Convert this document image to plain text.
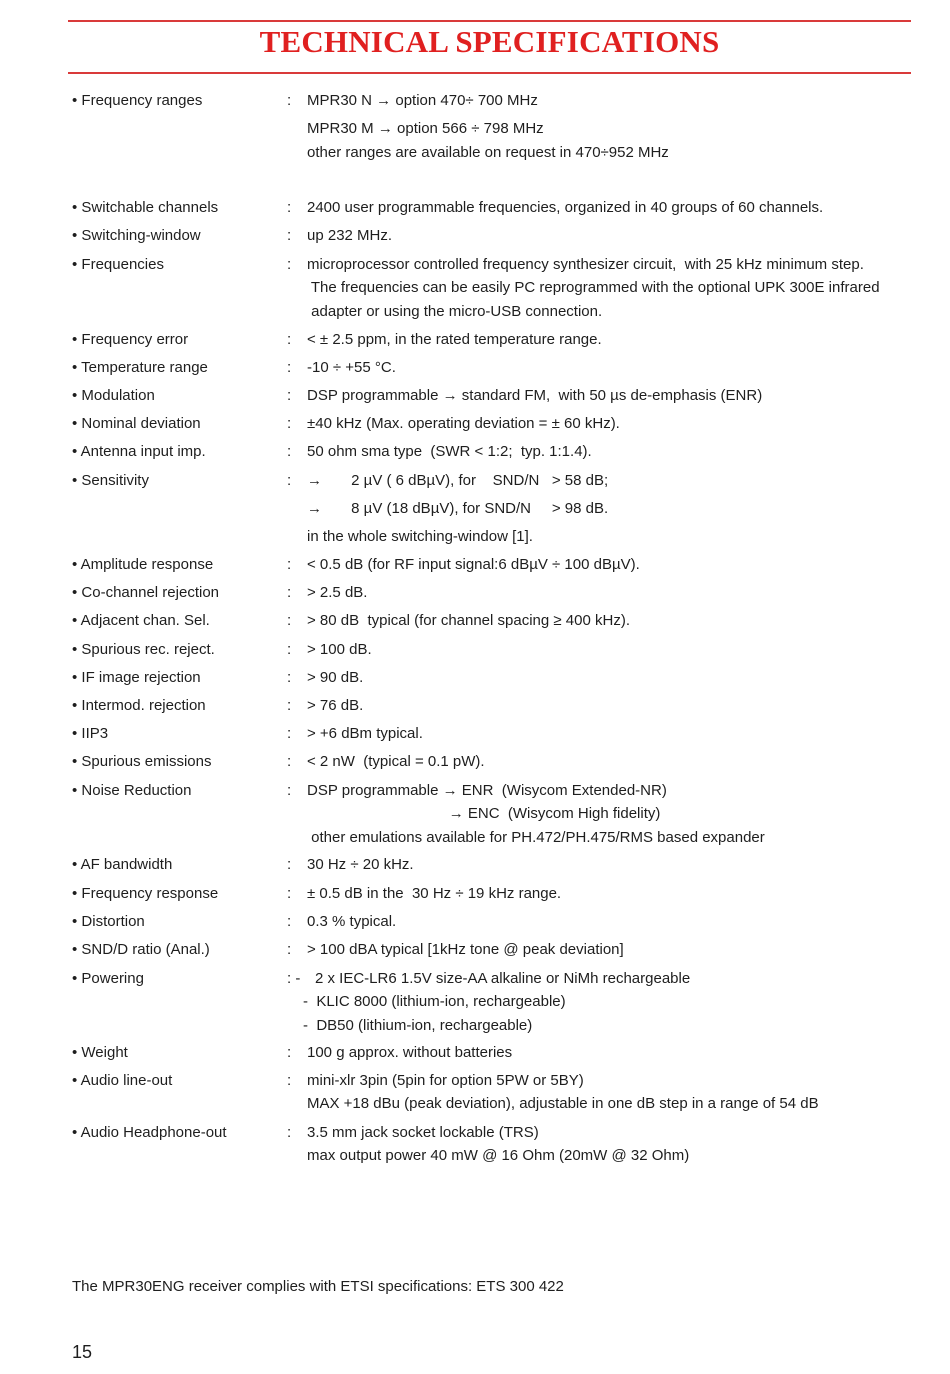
TECHNICAL SPECIFICATIONS
• Frequency ranges	: MPR30 N → option 470÷ 700 MHz
MPR30 M → option 566 ÷ 798 MHz
other ranges are available on request in 470÷952 MHz
• Switchable channels	: 2400 user programmable frequencies, organized in 40 groups of 60 channels.
• Switching-window	: up 232 MHz.
• Frequencies	: microprocessor controlled frequency synthesizer circuit,  with 25 kHz minimum step.
The frequencies can be easily PC reprogrammed with the optional UPK 300E infrared
adapter or using the micro-USB connection.
• Frequency error	: < ± 2.5 ppm, in the rated temperature range.
• Temperature range	: -10 ÷ +55 °C.
• Modulation	: DSP programmable → standard FM,  with 50 µs de-emphasis (ENR)
• Nominal deviation	: ±40 kHz (Max. operating deviation = ± 60 kHz).
• Antenna input imp.	: 50 ohm sma type  (SWR < 1:2;  typ. 1:1.4).
• Sensitivity	: →       2 µV ( 6 dBµV), for    SND/N   > 58 dB;
→       8 µV (18 dBµV), for SND/N     > 98 dB.
in the whole switching-window [1].
• Amplitude response	: < 0.5 dB (for RF input signal:6 dBµV ÷ 100 dBµV).
• Co-channel rejection	: > 2.5 dB.
• Adjacent chan. Sel.	: > 80 dB  typical (for channel spacing ≥ 400 kHz).
• Spurious rec. reject.	: > 100 dB.
• IF image rejection	: > 90 dB.
• Intermod. rejection	: > 76 dB.
• IIP3	: > +6 dBm typical.
• Spurious emissions	: < 2 nW  (typical = 0.1 pW).
• Noise Reduction	: DSP programmable → ENR  (Wisycom Extended-NR)
→ ENC  (Wisycom High fidelity)
other emulations available for PH.472/PH.475/RMS based expander
• AF bandwidth	: 30 Hz ÷ 20 kHz.
• Frequency response	: ± 0.5 dB in the  30 Hz ÷ 19 kHz range.
• Distortion	: 0.3 % typical.
• SND/D ratio (Anal.)	: > 100 dBA typical [1kHz tone @ peak deviation]
• Powering	: - 2 x IEC-LR6 1.5V size-AA alkaline or NiMh rechargeable
-  KLIC 8000 (lithium-ion, rechargeable)
-  DB50 (lithium-ion, rechargeable)
• Weight	: 100 g approx. without batteries
• Audio line-out	: mini-xlr 3pin (5pin for option 5PW or 5BY)
MAX +18 dBu (peak deviation), adjustable in one dB step in a range of 54 dB
• Audio Headphone-out	: 3.5 mm jack socket lockable (TRS)
max output power 40 mW @ 16 Ohm (20mW @ 32 Ohm)
The MPR30ENG receiver complies with ETSI specifications: ETS 300 422
15
